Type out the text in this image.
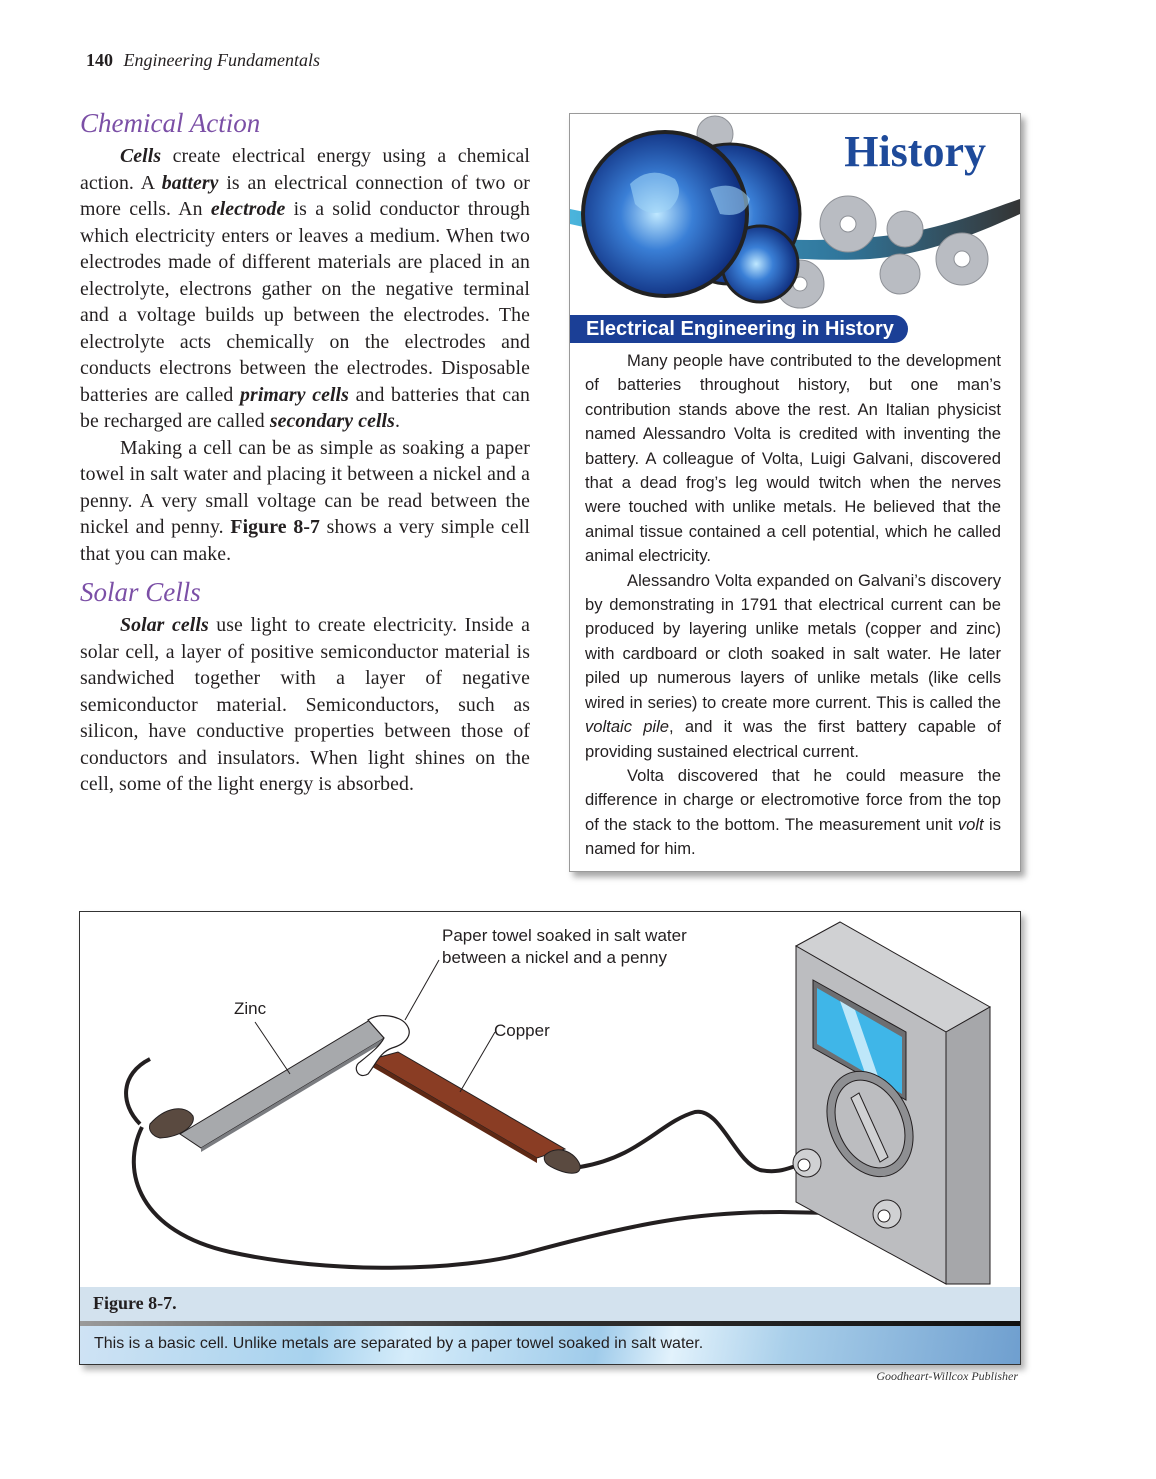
140 Engineering Fundamentals
Chemical Action

Cells create electrical energy using a chemical action. A battery is an electrical connection of two or more cells. An electrode is a solid conductor through which electricity enters or leaves a medium. When two electrodes made of different materials are placed in an electrolyte, electrons gather on the negative terminal and a voltage builds up between the electrodes. The electrolyte acts chemically on the electrodes and conducts electrons between the electrodes. Disposable batteries are called primary cells and batteries that can be recharged are called secondary cells.

Making a cell can be as simple as soaking a paper towel in salt water and placing it between a nickel and a penny. A very small voltage can be read between the nickel and penny. Figure 8-7 shows a very simple cell that you can make.

Solar Cells

Solar cells use light to create electricity. Inside a solar cell, a layer of positive semiconductor material is sandwiched together with a layer of negative semiconductor material. Semiconductors, such as silicon, have conductive properties between those of conductors and insulators. When light shines on the cell, some of the light energy is absorbed.

History
Electrical Engineering in History

Many people have contributed to the development of batteries throughout history, but one man’s contribution stands above the rest. An Italian physicist named Alessandro Volta is credited with inventing the battery. A colleague of Volta, Luigi Galvani, discovered that a dead frog’s leg would twitch when the nerves were touched with unlike metals. He believed that the animal tissue contained a cell potential, which he called animal electricity.

Alessandro Volta expanded on Galvani’s discovery by demonstrating in 1791 that electrical current can be produced by layering unlike metals (copper and zinc) with cardboard or cloth soaked in salt water. He later piled up numerous layers of unlike metals (like cells wired in series) to create more current. This is called the voltaic pile, and it was the first battery capable of providing sustained electrical current.

Volta discovered that he could measure the difference in charge or electromotive force from the top of the stack to the bottom. The measurement unit volt is named for him.

Paper towel soaked in salt water
between a nickel and a penny
Zinc
Copper
Figure 8-7.
This is a basic cell. Unlike metals are separated by a paper towel soaked in salt water.
Goodheart-Willcox Publisher
